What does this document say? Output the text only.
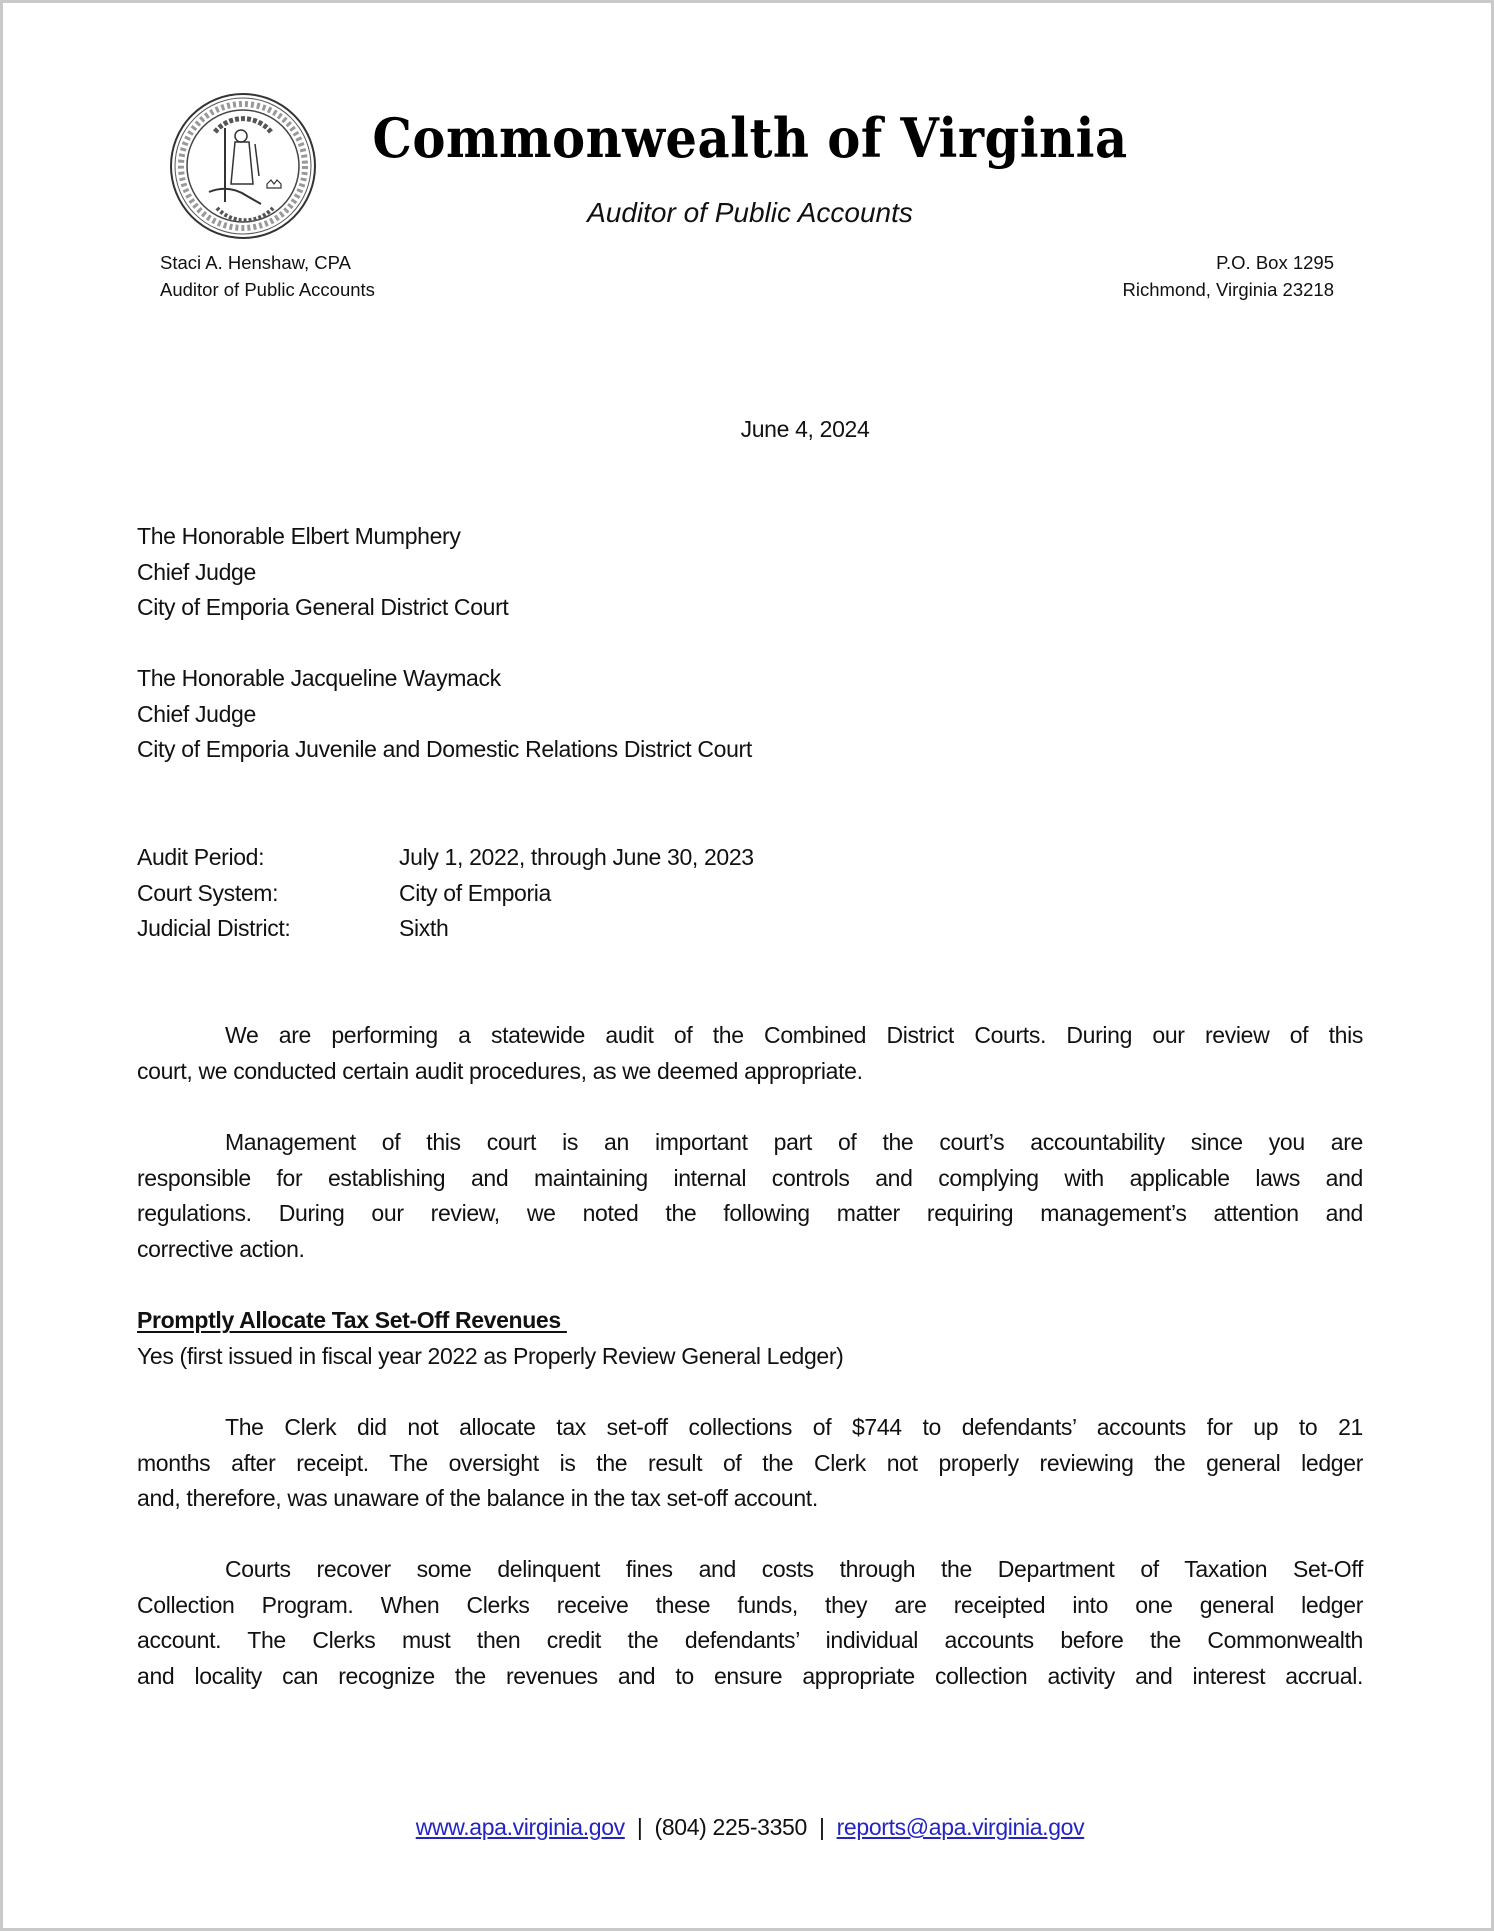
Commonwealth of Virginia
Auditor of Public Accounts
Staci A. Henshaw, CPA
Auditor of Public Accounts
P.O. Box 1295
Richmond, Virginia 23218
June 4, 2024
The Honorable Elbert Mumphery
Chief Judge
City of Emporia General District Court
The Honorable Jacqueline Waymack
Chief Judge
City of Emporia Juvenile and Domestic Relations District Court
Audit Period:	July 1, 2022, through June 30, 2023
Court System:	City of Emporia
Judicial District:	Sixth
We are performing a statewide audit of the Combined District Courts. During our review of this
court, we conducted certain audit procedures, as we deemed appropriate.
Management of this court is an important part of the court’s accountability since you are
responsible for establishing and maintaining internal controls and complying with applicable laws and
regulations. During our review, we noted the following matter requiring management’s attention and
corrective action.
Promptly Allocate Tax Set-Off Revenues
Yes (first issued in fiscal year 2022 as Properly Review General Ledger)
The Clerk did not allocate tax set-off collections of $744 to defendants’ accounts for up to 21
months after receipt. The oversight is the result of the Clerk not properly reviewing the general ledger
and, therefore, was unaware of the balance in the tax set-off account.
Courts recover some delinquent fines and costs through the Department of Taxation Set-Off
Collection Program. When Clerks receive these funds, they are receipted into one general ledger
account. The Clerks must then credit the defendants’ individual accounts before the Commonwealth
and locality can recognize the revenues and to ensure appropriate collection activity and interest accrual.
www.apa.virginia.gov | (804) 225-3350 | reports@apa.virginia.gov
